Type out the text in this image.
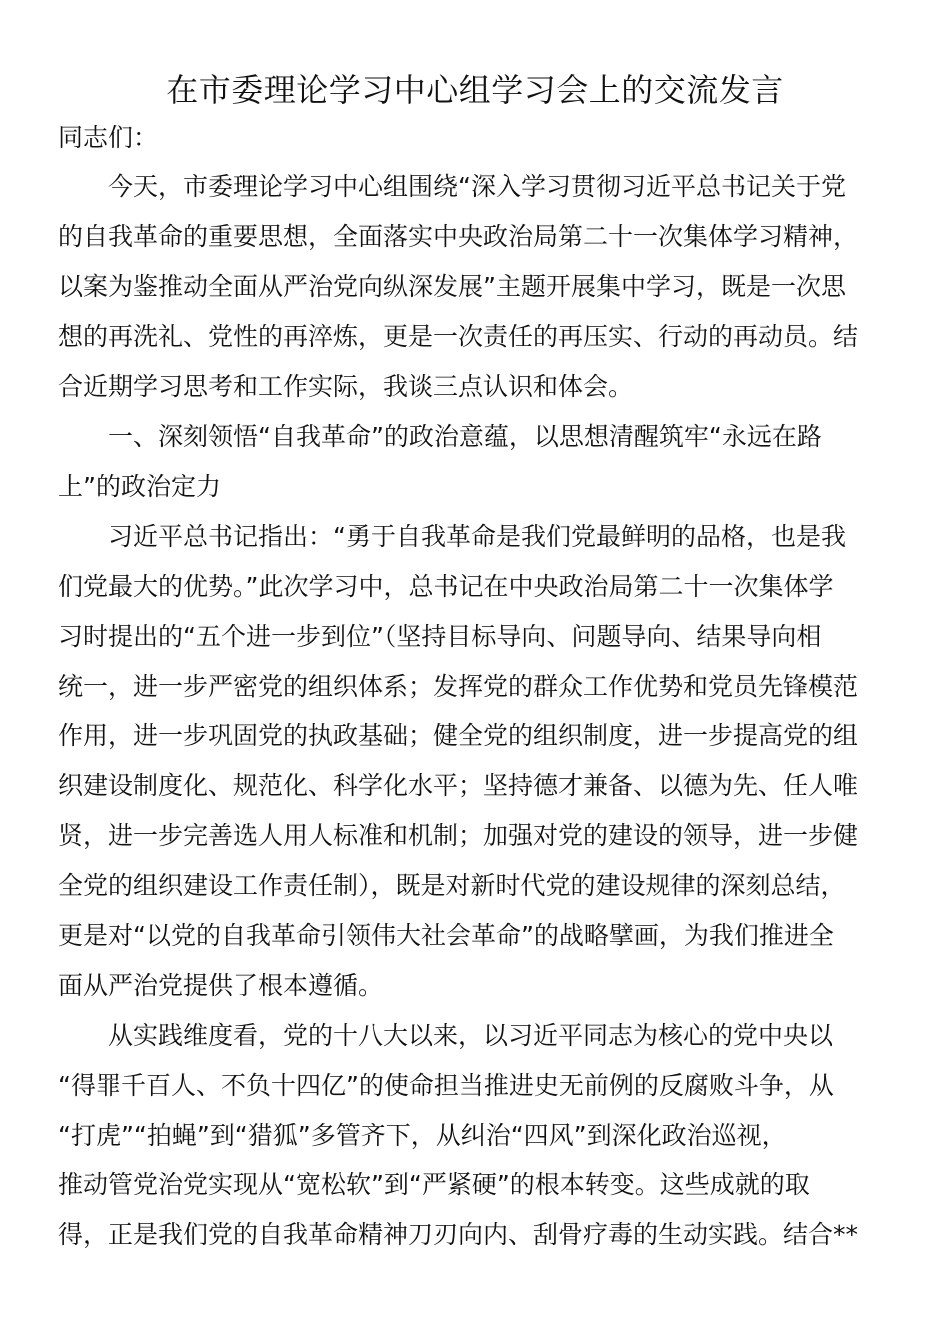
在市委理论学习中心组学习会上的交流发言
同志们：
　　今天，市委理论学习中心组围绕“深入学习贯彻习近平总书记关于党
的自我革命的重要思想，全面落实中央政治局第二十一次集体学习精神，
以案为鉴推动全面从严治党向纵深发展”主题开展集中学习，既是一次思
想的再洗礼、党性的再淬炼，更是一次责任的再压实、行动的再动员。结
合近期学习思考和工作实际，我谈三点认识和体会。
　　一、深刻领悟“自我革命”的政治意蕴，以思想清醒筑牢“永远在路
上”的政治定力
　　习近平总书记指出：“勇于自我革命是我们党最鲜明的品格，也是我
们党最大的优势。”此次学习中，总书记在中央政治局第二十一次集体学
习时提出的“五个进一步到位”（坚持目标导向、问题导向、结果导向相
统一，进一步严密党的组织体系；发挥党的群众工作优势和党员先锋模范
作用，进一步巩固党的执政基础；健全党的组织制度，进一步提高党的组
织建设制度化、规范化、科学化水平；坚持德才兼备、以德为先、任人唯
贤，进一步完善选人用人标准和机制；加强对党的建设的领导，进一步健
全党的组织建设工作责任制），既是对新时代党的建设规律的深刻总结，
更是对“以党的自我革命引领伟大社会革命”的战略擘画，为我们推进全
面从严治党提供了根本遵循。
　　从实践维度看，党的十八大以来，以习近平同志为核心的党中央以
“得罪千百人、不负十四亿”的使命担当推进史无前例的反腐败斗争，从
“打虎”“拍蝇”到“猎狐”多管齐下，从纠治“四风”到深化政治巡视，
推动管党治党实现从“宽松软”到“严紧硬”的根本转变。这些成就的取
得，正是我们党的自我革命精神刀刃向内、刮骨疗毒的生动实践。结合**
